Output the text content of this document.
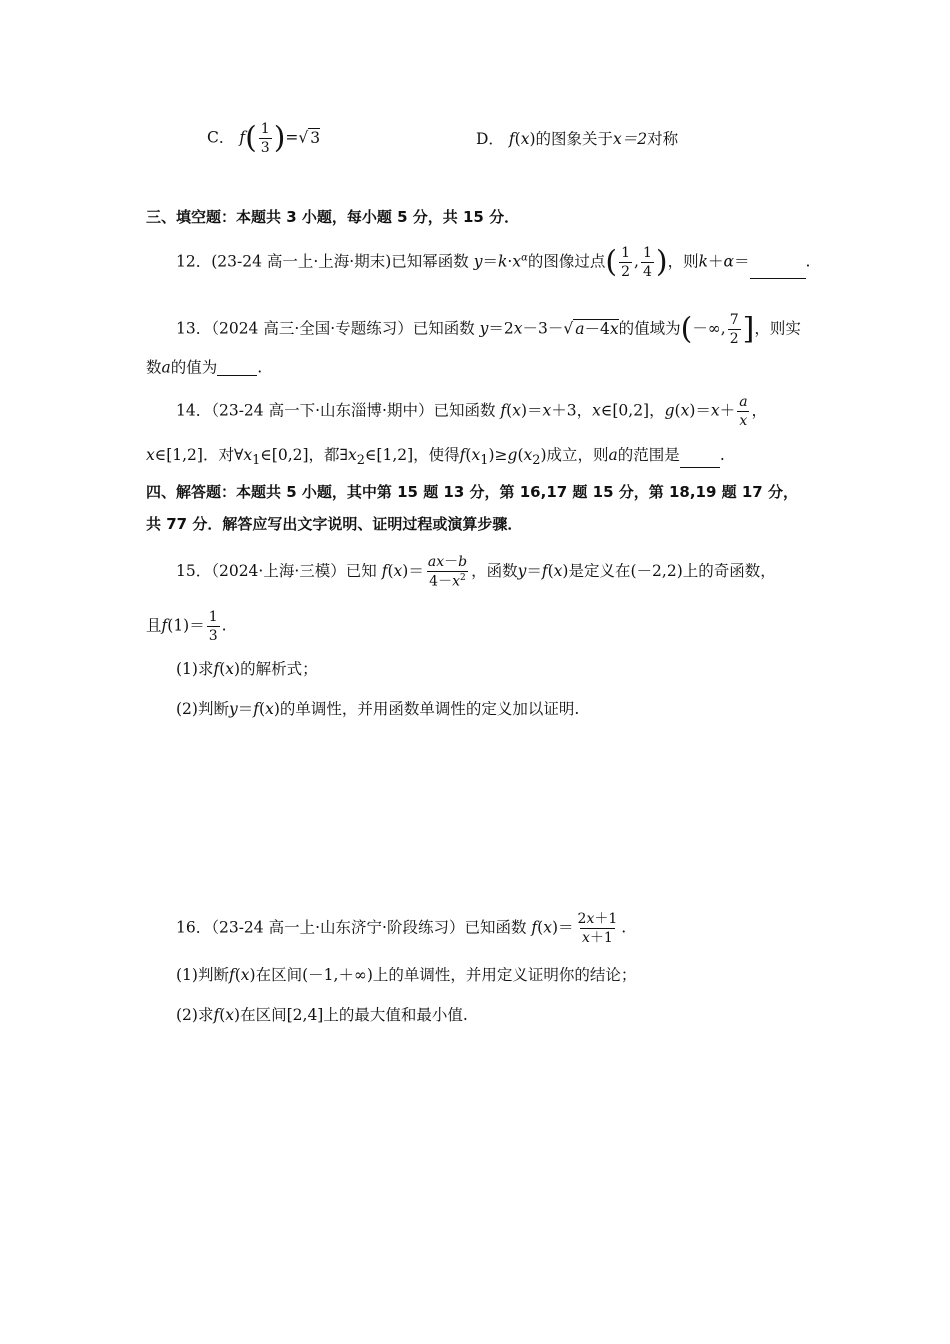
C． $f( \frac{1}{3}$ )=√ 3	D． f(x)的图象关于x＝2对称
三、填空题：本题共 3 小题，每小题 5 分，共 15 分．
12．(23-24 高一上·上海·期末)已知幂函数 $y=k\cdot x^\alpha$的图像过点( $\frac{1}{2}$ , $\frac{1}{4}$ )，则k＋α＝	.
13．（2024 高三·全国·专题练习）已知函数 y＝2x－3－√ a－4x的值域为(－∞, $\frac{7}{2}$ ]，则实
数a的值为	.
14．（23-24 高一下·山东淄博·期中）已知函数 f(x)＝x＋3，x∈[0,2]，$g(x)=x+ \frac{a}{x}$ ，
x∈[1,2]．对$\forall x_1\in[0,2]$，都$\exists x_2\in[1,2]$，使得$f(x_1)\ge g(x_2)$成立，则a的范围是	.
四、解答题：本题共 5 小题，其中第 15 题 13 分，第 16,17 题 15 分，第 18,19 题 17 分，
共 77 分．解答应写出文字说明、证明过程或演算步骤．
15．（2024·上海·三模）已知 $f(x)= \frac{ax-b}{4-x^2}$ ，函数y＝f(x)是定义在(－2,2)上的奇函数，
且$f(1)= \frac{1}{3}$ .
(1)求f(x)的解析式；
(2)判断y＝f(x)的单调性，并用函数单调性的定义加以证明.
16．（23-24 高一上·山东济宁·阶段练习）已知函数 $f(x)= \frac{2x+1}{x+1}$ .
(1)判断f(x)在区间(－1,＋∞)上的单调性，并用定义证明你的结论；
(2)求f(x)在区间[2,4]上的最大值和最小值.
